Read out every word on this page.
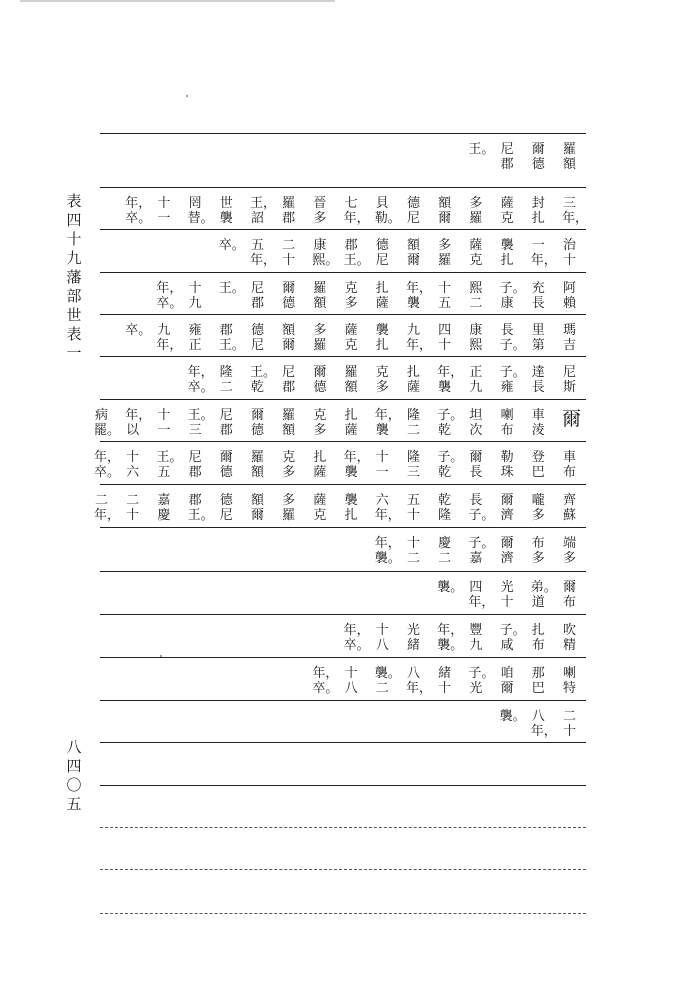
表四十九　藩部世表一
八四〇五
羅額
爾德
尼郡
王。
三年，
封扎
薩克
多羅
額爾
德尼
貝勒。
七年，
晉多
羅郡
王，詔
世襲
罔替。
十一
年，卒。
治十
一年，
襲扎
薩克
多羅
額爾
德尼
郡王。
康熙。
二十
五年，
卒。
阿賴
充長
子。康
熙二
十五
年，襲
扎薩
克多
羅額
爾德
尼郡
王。
十九
年，卒。
瑪吉
里第
長子。
康熙
四十
九年，
襲扎
薩克
多羅
額爾
德尼
郡王。
雍正
九年，
卒。
尼斯
達長
子。雍
正九
年，襲
扎薩
克多
羅額
爾德
尼郡
王。乾
隆二
年，卒。
爾
車淩
喇布
坦次
子。乾
隆二
年，襲
扎薩
克多
羅額
爾德
尼郡
王。三
十一
年，以
病罷。
車布
登巴
勒珠
爾長
子。乾
隆三
十一
年，襲
扎薩
克多
羅額
爾德
尼郡
王。五
十六
年，卒。
齊蘇
嚨多
爾濟
長子。
乾隆
五十
六年，
襲扎
薩克
多羅
額爾
德尼
郡王。
嘉慶
二十
二年，
端多
布多
爾濟
子。嘉
慶二
十二
年，襲。
爾布
弟。道
光十
四年，
襲。
吹精
扎布
子。咸
豐九
年，襲。
光緒
十八
年，卒。
喇特
那巴
咱爾
子。光
緒十
八年，
襲。二
十八
年，卒。
二十
八年，
襲。
